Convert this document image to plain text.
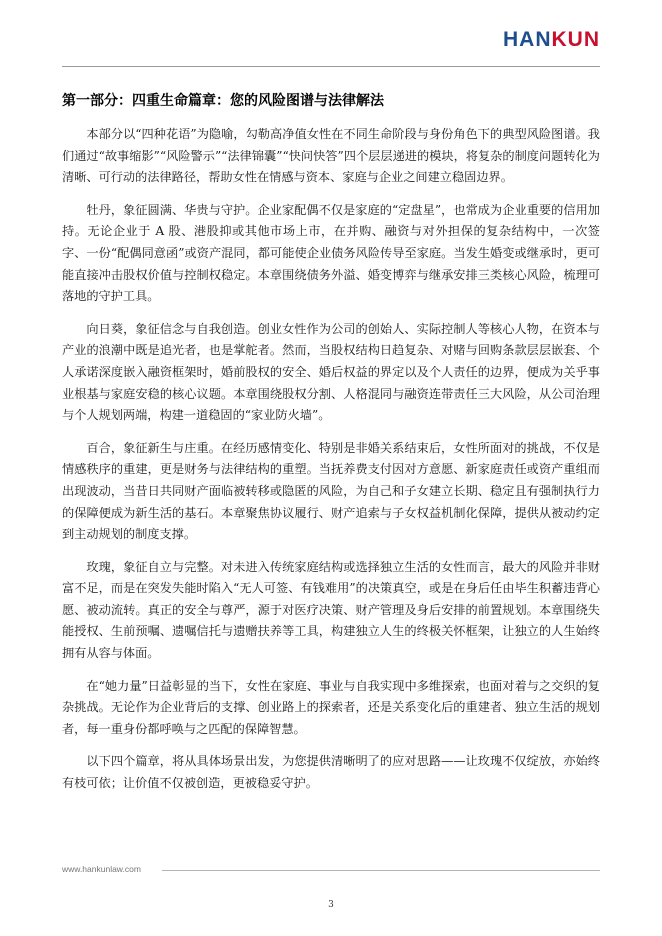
HANKUN
第一部分：四重生命篇章：您的风险图谱与法律解法

本部分以“四种花语”为隐喻，勾勒高净值女性在不同生命阶段与身份角色下的典型风险图谱。我们通过“故事缩影”“风险警示”“法律锦囊”“快问快答”四个层层递进的模块，将复杂的制度问题转化为清晰、可行动的法律路径，帮助女性在情感与资本、家庭与企业之间建立稳固边界。

牡丹，象征圆满、华贵与守护。企业家配偶不仅是家庭的“定盘星”，也常成为企业重要的信用加持。无论企业于 A 股、港股抑或其他市场上市，在并购、融资与对外担保的复杂结构中，一次签字、一份“配偶同意函”或资产混同，都可能使企业债务风险传导至家庭。当发生婚变或继承时，更可能直接冲击股权价值与控制权稳定。本章围绕债务外溢、婚变博弈与继承安排三类核心风险，梳理可落地的守护工具。

向日葵，象征信念与自我创造。创业女性作为公司的创始人、实际控制人等核心人物，在资本与产业的浪潮中既是追光者，也是掌舵者。然而，当股权结构日趋复杂、对赌与回购条款层层嵌套、个人承诺深度嵌入融资框架时，婚前股权的安全、婚后权益的界定以及个人责任的边界，便成为关乎事业根基与家庭安稳的核心议题。本章围绕股权分割、人格混同与融资连带责任三大风险，从公司治理与个人规划两端，构建一道稳固的“家业防火墙”。

百合，象征新生与庄重。在经历感情变化、特别是非婚关系结束后，女性所面对的挑战，不仅是情感秩序的重建，更是财务与法律结构的重塑。当抚养费支付因对方意愿、新家庭责任或资产重组而出现波动，当昔日共同财产面临被转移或隐匿的风险，为自己和子女建立长期、稳定且有强制执行力的保障便成为新生活的基石。本章聚焦协议履行、财产追索与子女权益机制化保障，提供从被动约定到主动规划的制度支撑。

玫瑰，象征自立与完整。对未进入传统家庭结构或选择独立生活的女性而言，最大的风险并非财富不足，而是在突发失能时陷入“无人可签、有钱难用”的决策真空，或是在身后任由毕生积蓄违背心愿、被动流转。真正的安全与尊严，源于对医疗决策、财产管理及身后安排的前置规划。本章围绕失能授权、生前预嘱、遗嘱信托与遗赠扶养等工具，构建独立人生的终极关怀框架，让独立的人生始终拥有从容与体面。

在“她力量”日益彰显的当下，女性在家庭、事业与自我实现中多维探索，也面对着与之交织的复杂挑战。无论作为企业背后的支撑、创业路上的探索者，还是关系变化后的重建者、独立生活的规划者，每一重身份都呼唤与之匹配的保障智慧。

以下四个篇章，将从具体场景出发，为您提供清晰明了的应对思路——让玫瑰不仅绽放，亦始终有枝可依；让价值不仅被创造，更被稳妥守护。

www.hankunlaw.com
3
